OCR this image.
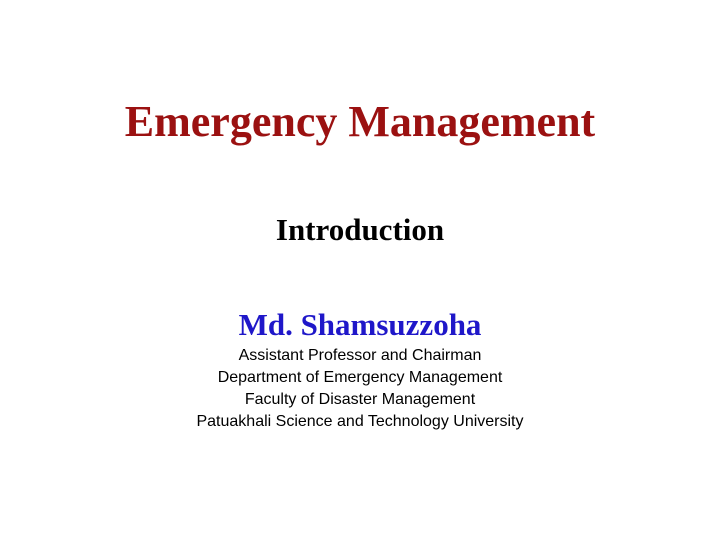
Emergency Management
Introduction
Md. Shamsuzzoha
Assistant Professor and Chairman
Department of Emergency Management
Faculty of Disaster Management
Patuakhali Science and Technology University
